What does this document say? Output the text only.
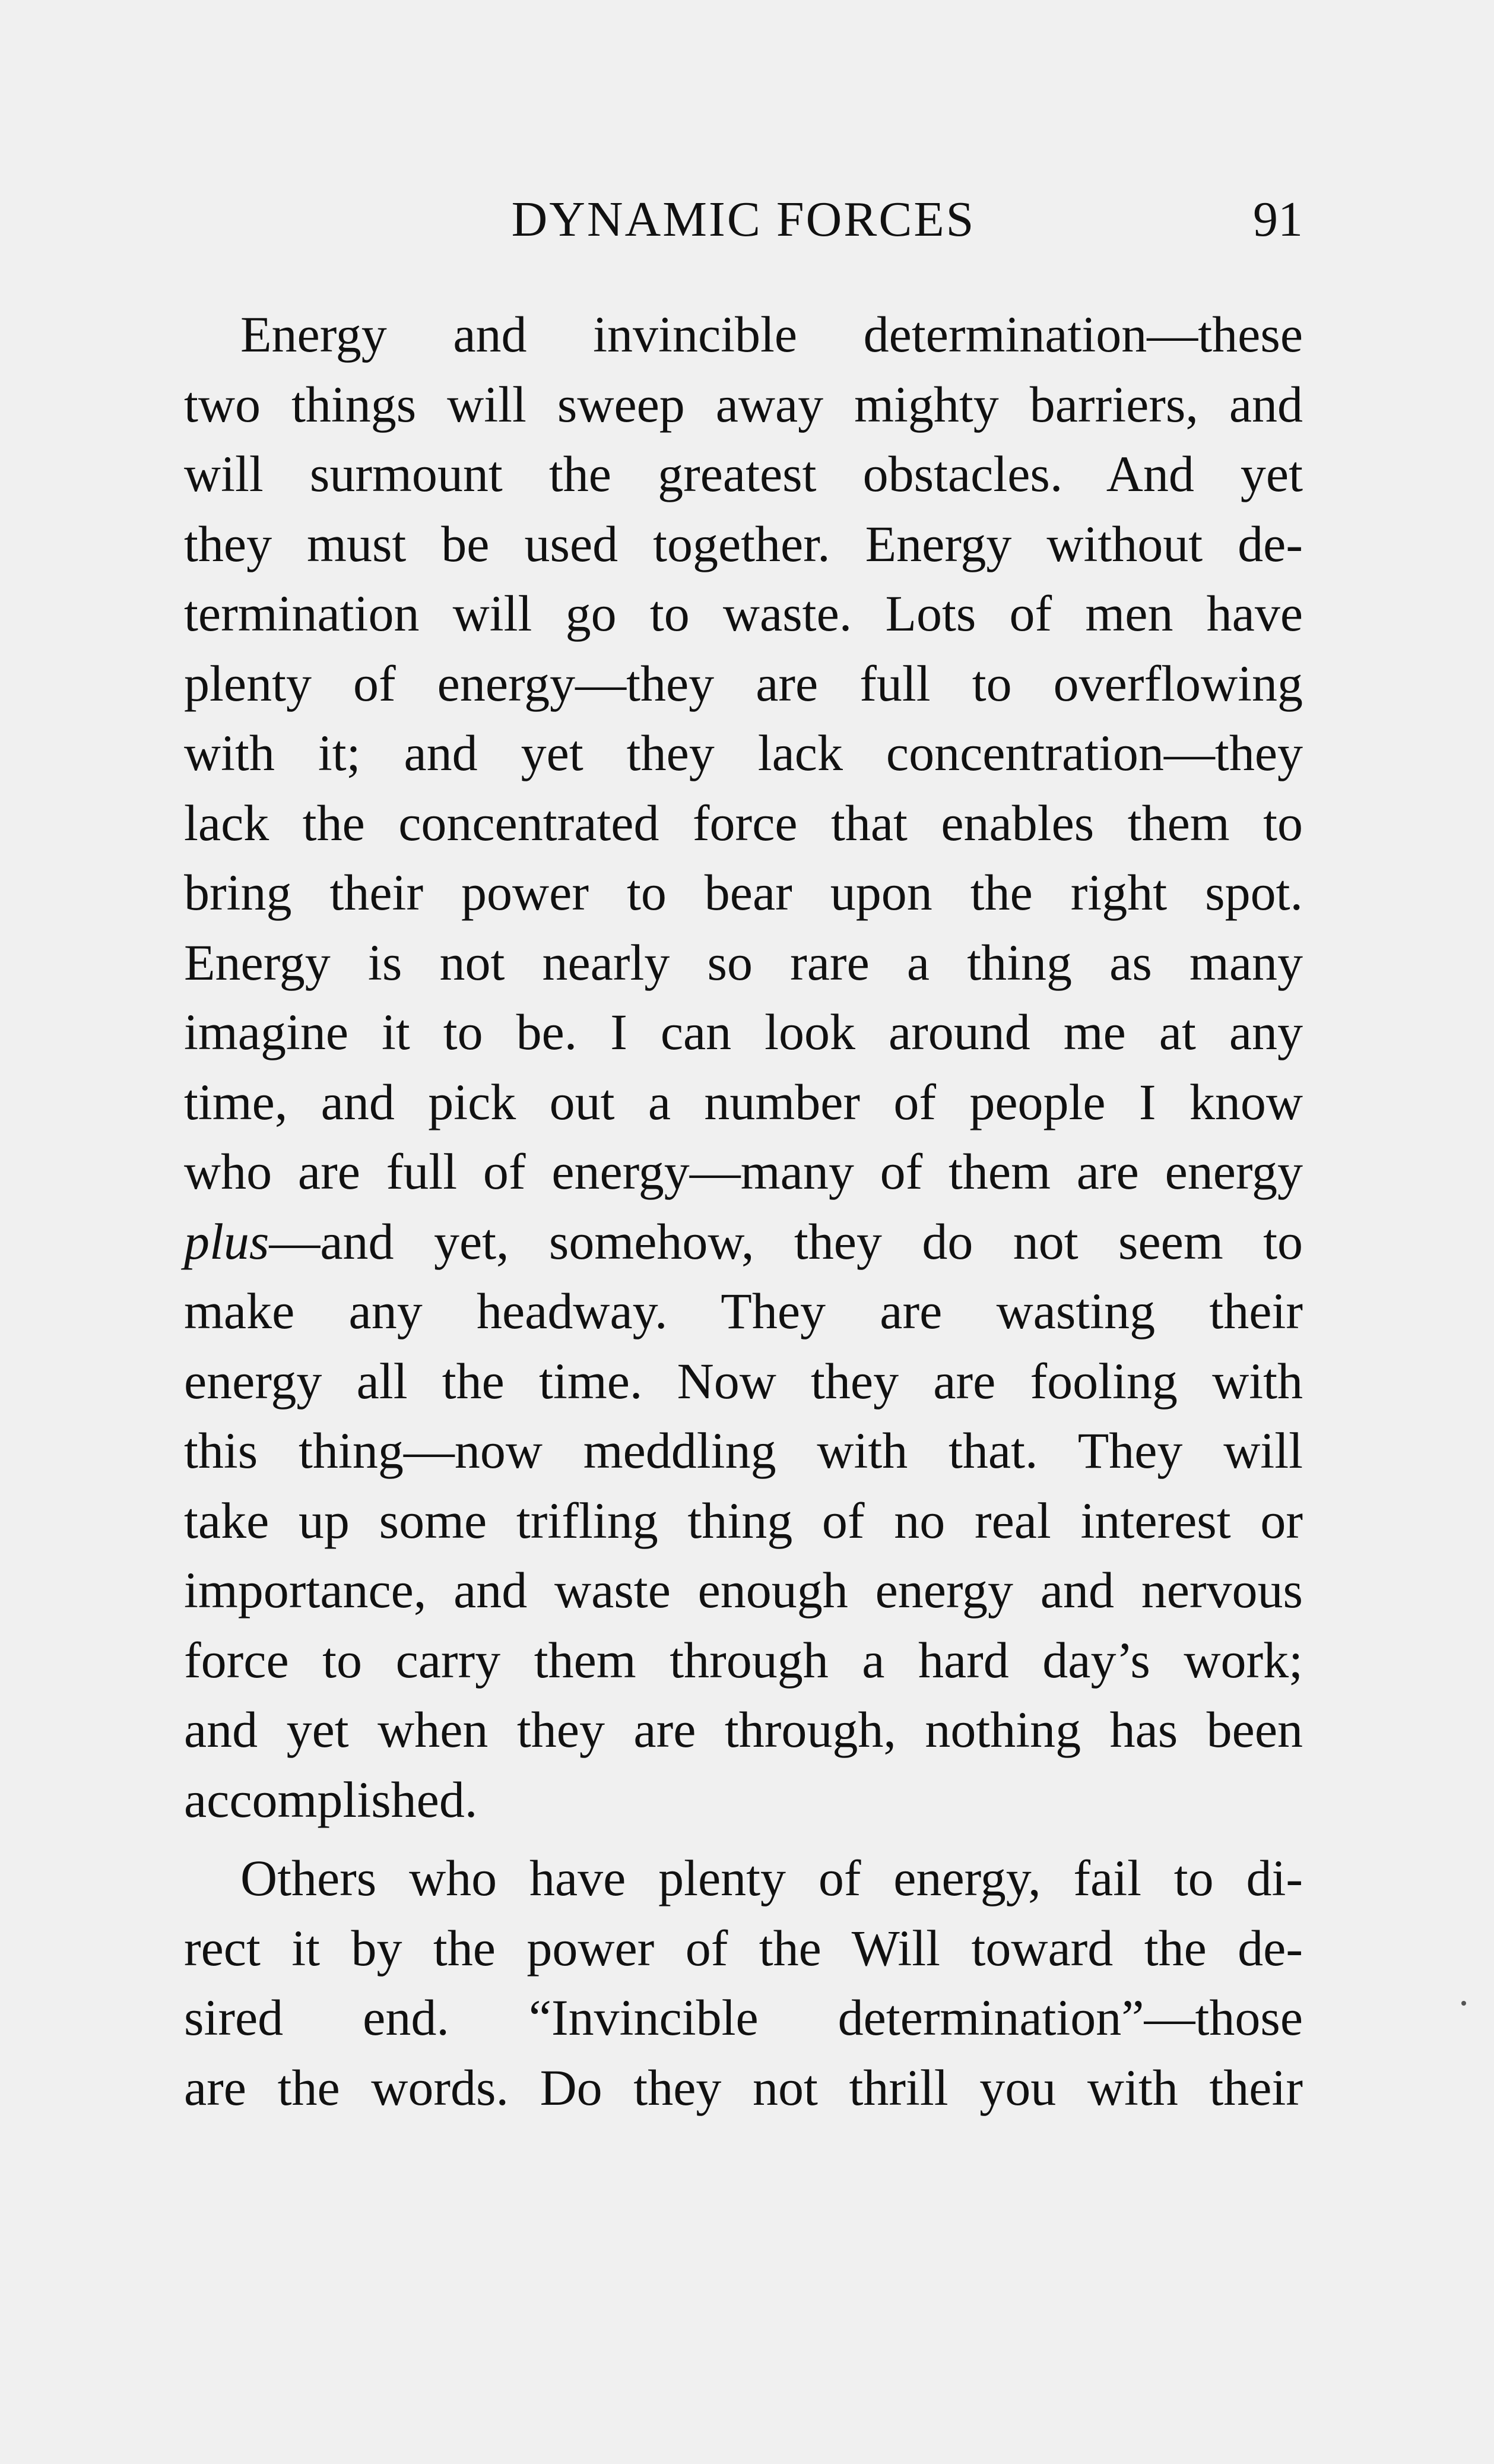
DYNAMIC FORCES	91
Energy and invincible determination—these
two things will sweep away mighty barriers, and
will surmount the greatest obstacles. And yet
they must be used together. Energy without de-
termination will go to waste. Lots of men have
plenty of energy—they are full to overflowing
with it; and yet they lack concentration—they
lack the concentrated force that enables them to
bring their power to bear upon the right spot.
Energy is not nearly so rare a thing as many
imagine it to be. I can look around me at any
time, and pick out a number of people I know
who are full of energy—many of them are energy
plus—and yet, somehow, they do not seem to
make any headway. They are wasting their
energy all the time. Now they are fooling with
this thing—now meddling with that. They will
take up some trifling thing of no real interest or
importance, and waste enough energy and nervous
force to carry them through a hard day’s work;
and yet when they are through, nothing has been
accomplished.
Others who have plenty of energy, fail to di-
rect it by the power of the Will toward the de-
sired end. “Invincible determination”—those
are the words. Do they not thrill you with their
